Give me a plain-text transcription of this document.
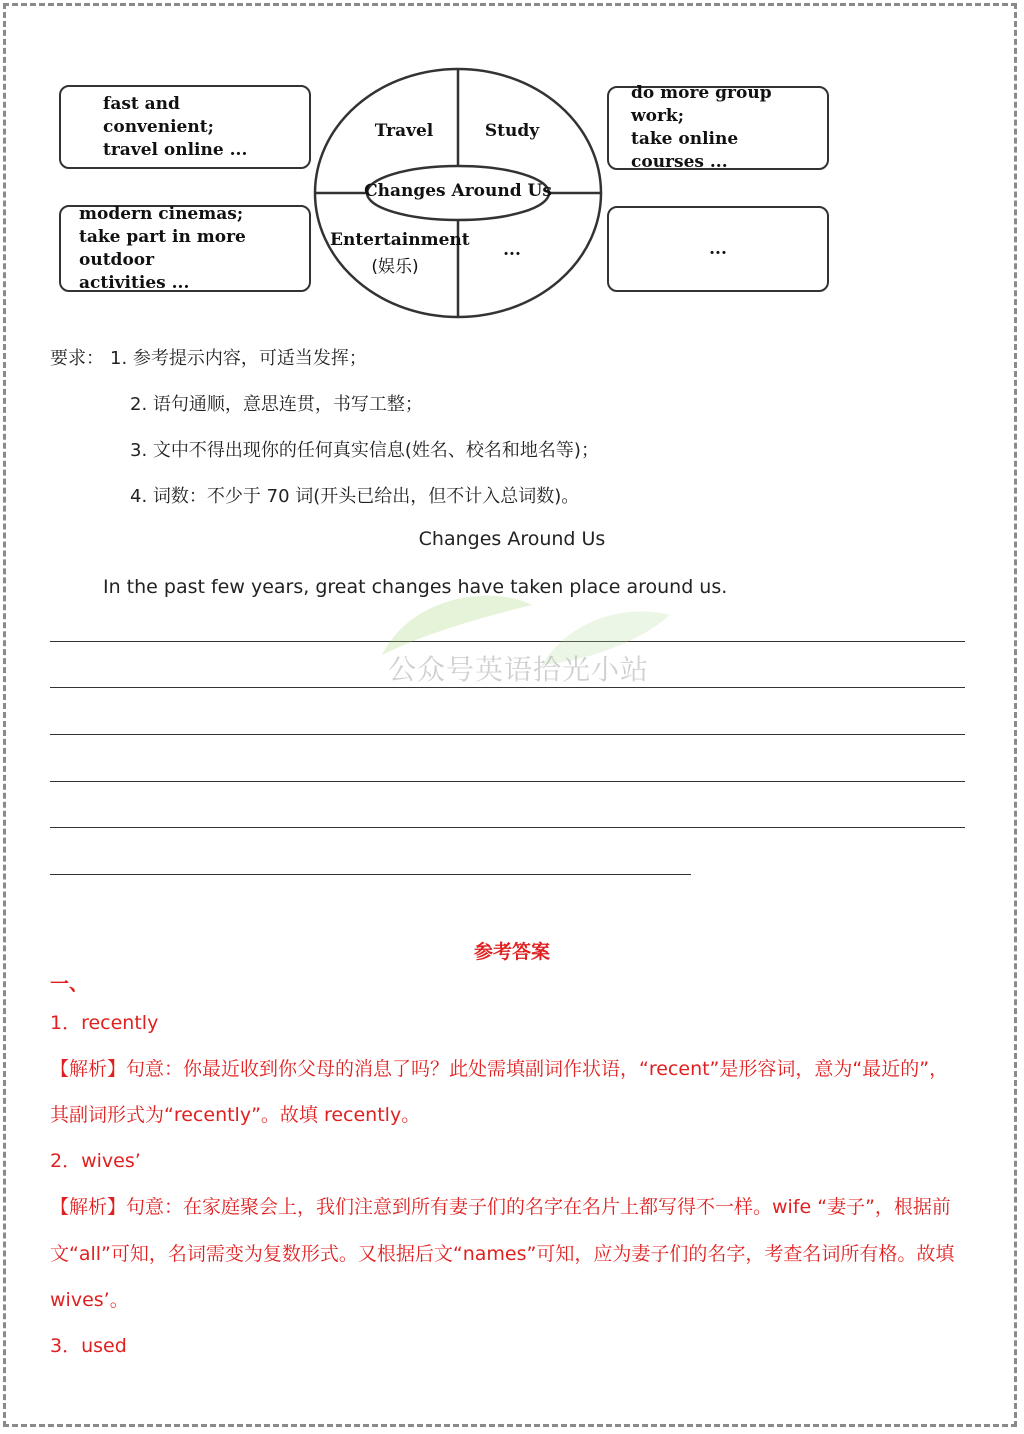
fast and convenient;
travel online ...
do more group work;
take online courses ...
modern cinemas;
take part in more outdoor
activities ...
...
Changes Around Us
Travel	Study
Entertainment
(娱乐)
...
要求： 1. 参考提示内容，可适当发挥；
2. 语句通顺，意思连贯，书写工整；
3. 文中不得出现你的任何真实信息(姓名、校名和地名等)；
4. 词数：不少于 70 词(开头已给出，但不计入总词数)。
Changes Around Us
In the past few years, great changes have taken place around us.
公众号英语拾光小站
参考答案
一、
1．recently
【解析】句意：你最近收到你父母的消息了吗？此处需填副词作状语，“recent”是形容词，意为“最近的”，
其副词形式为“recently”。故填 recently。
2．wives’
【解析】句意：在家庭聚会上，我们注意到所有妻子们的名字在名片上都写得不一样。wife “妻子”，根据前
文“all”可知，名词需变为复数形式。又根据后文“names”可知，应为妻子们的名字，考查名词所有格。故填
wives’。
3．used
